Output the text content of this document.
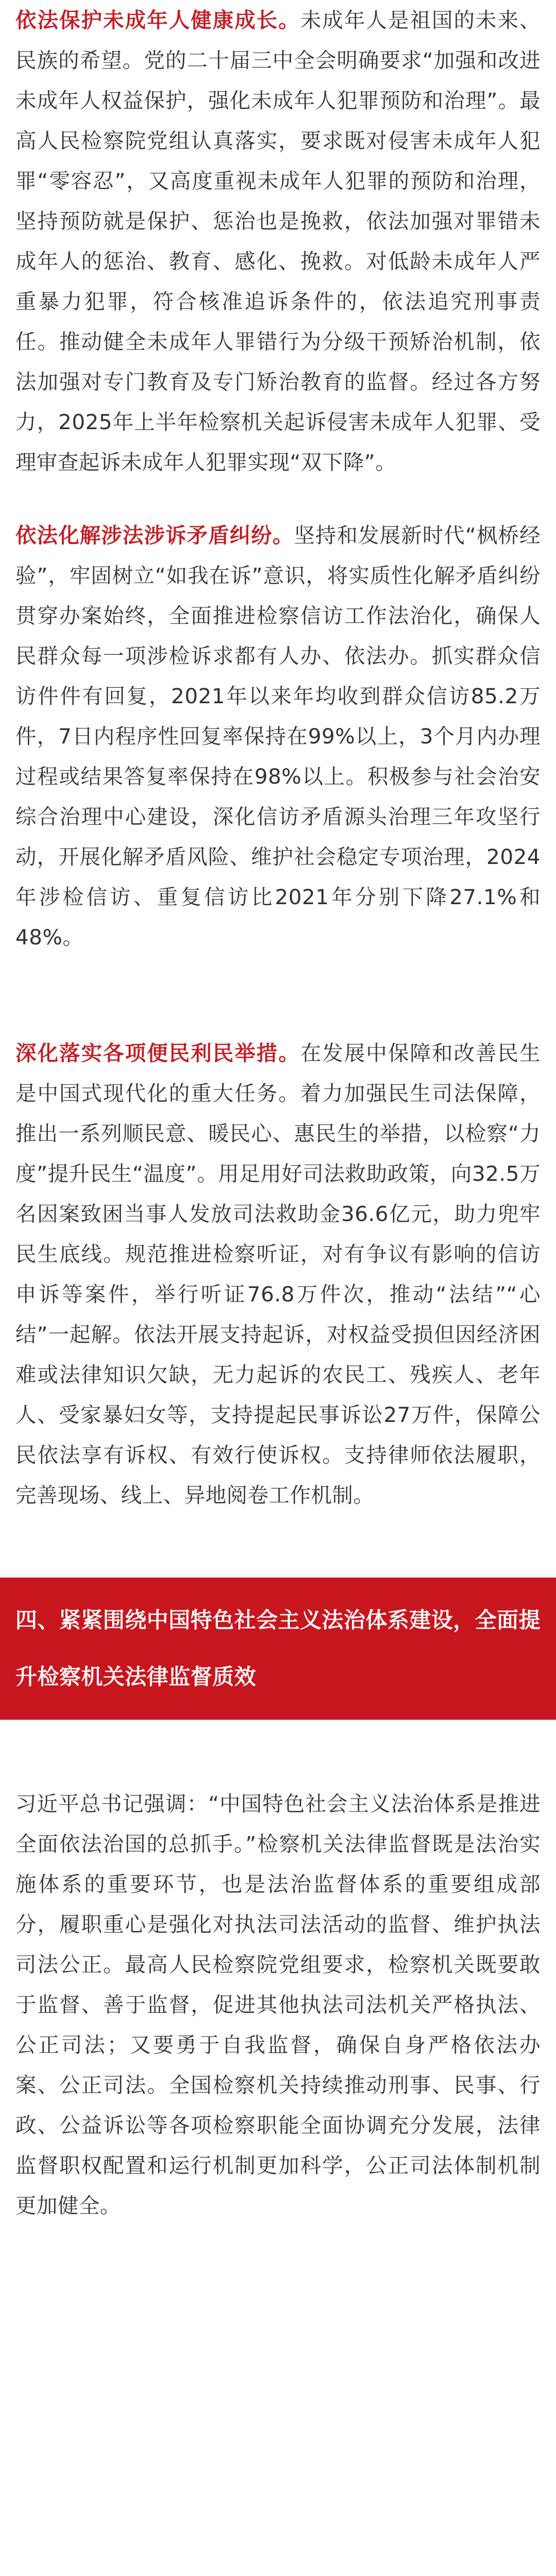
依法保护未成年人健康成长。未成年人是祖国的未来、民族的希望。党的二十届三中全会明确要求“加强和改进未成年人权益保护，强化未成年人犯罪预防和治理”。最高人民检察院党组认真落实，要求既对侵害未成年人犯罪“零容忍”，又高度重视未成年人犯罪的预防和治理，坚持预防就是保护、惩治也是挽救，依法加强对罪错未成年人的惩治、教育、感化、挽救。对低龄未成年人严重暴力犯罪，符合核准追诉条件的，依法追究刑事责任。推动健全未成年人罪错行为分级干预矫治机制，依法加强对专门教育及专门矫治教育的监督。经过各方努力，2025年上半年检察机关起诉侵害未成年人犯罪、受理审查起诉未成年人犯罪实现“双下降”。

依法化解涉法涉诉矛盾纠纷。坚持和发展新时代“枫桥经验”，牢固树立“如我在诉”意识，将实质性化解矛盾纠纷贯穿办案始终，全面推进检察信访工作法治化，确保人民群众每一项涉检诉求都有人办、依法办。抓实群众信访件件有回复，2021年以来年均收到群众信访85.2万件，7日内程序性回复率保持在99%以上，3个月内办理过程或结果答复率保持在98%以上。积极参与社会治安综合治理中心建设，深化信访矛盾源头治理三年攻坚行动，开展化解矛盾风险、维护社会稳定专项治理，2024年涉检信访、重复信访比2021年分别下降27.1%和48%。

深化落实各项便民利民举措。在发展中保障和改善民生是中国式现代化的重大任务。着力加强民生司法保障，推出一系列顺民意、暖民心、惠民生的举措，以检察“力度”提升民生“温度”。用足用好司法救助政策，向32.5万名因案致困当事人发放司法救助金36.6亿元，助力兜牢民生底线。规范推进检察听证，对有争议有影响的信访申诉等案件，举行听证76.8万件次，推动“法结”“心结”一起解。依法开展支持起诉，对权益受损但因经济困难或法律知识欠缺，无力起诉的农民工、残疾人、老年人、受家暴妇女等，支持提起民事诉讼27万件，保障公民依法享有诉权、有效行使诉权。支持律师依法履职，完善现场、线上、异地阅卷工作机制。

四、紧紧围绕中国特色社会主义法治体系建设，全面提升检察机关法律监督质效

习近平总书记强调：“中国特色社会主义法治体系是推进全面依法治国的总抓手。”检察机关法律监督既是法治实施体系的重要环节，也是法治监督体系的重要组成部分，履职重心是强化对执法司法活动的监督、维护执法司法公正。最高人民检察院党组要求，检察机关既要敢于监督、善于监督，促进其他执法司法机关严格执法、公正司法；又要勇于自我监督，确保自身严格依法办案、公正司法。全国检察机关持续推动刑事、民事、行政、公益诉讼等各项检察职能全面协调充分发展，法律监督职权配置和运行机制更加科学，公正司法体制机制更加健全。
